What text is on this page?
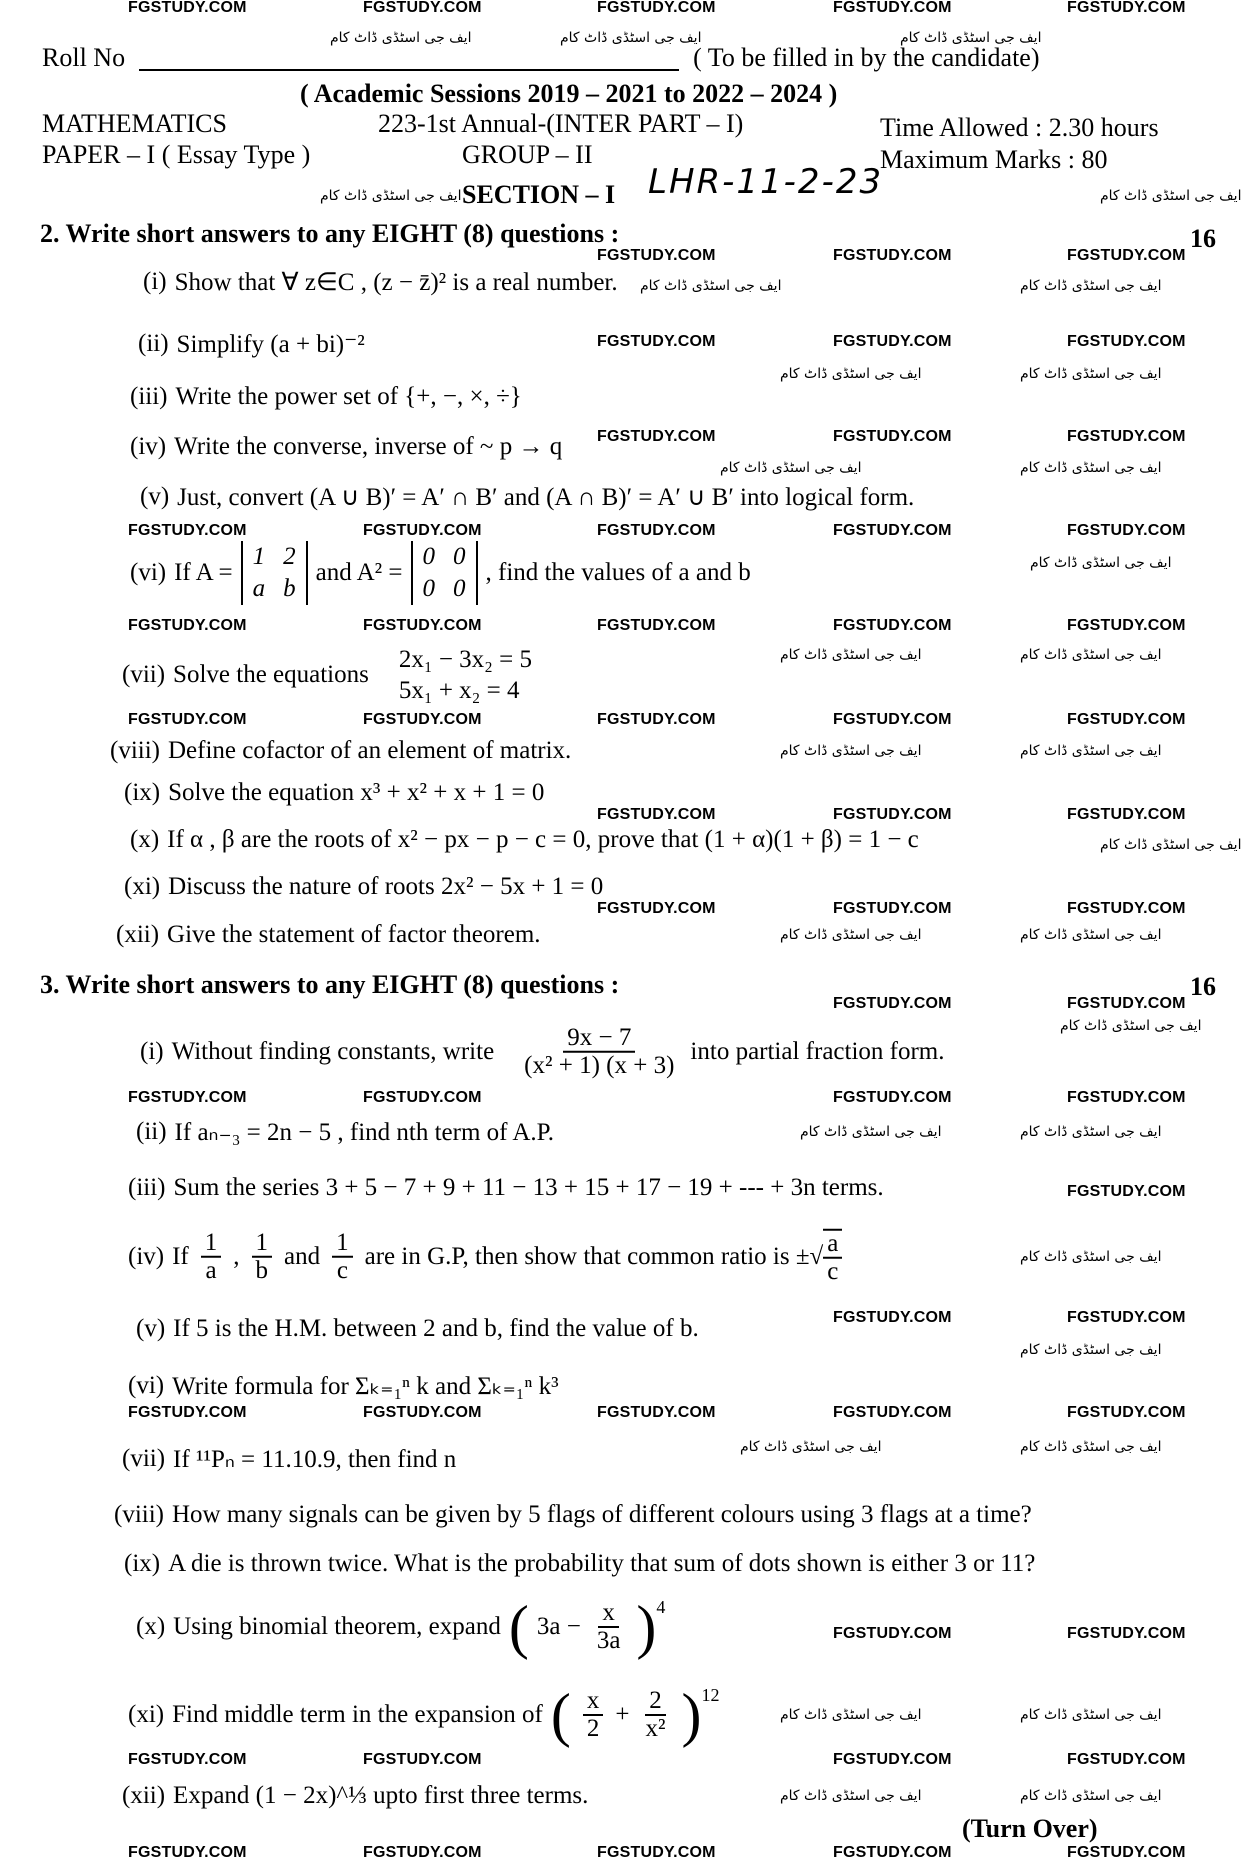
FGSTUDY.COM	FGSTUDY.COM	FGSTUDY.COM	FGSTUDY.COM	FGSTUDY.COM
FGSTUDY.COM	FGSTUDY.COM	FGSTUDY.COM
FGSTUDY.COM	FGSTUDY.COM	FGSTUDY.COM
FGSTUDY.COM	FGSTUDY.COM	FGSTUDY.COM
FGSTUDY.COM	FGSTUDY.COM	FGSTUDY.COM	FGSTUDY.COM	FGSTUDY.COM
FGSTUDY.COM	FGSTUDY.COM	FGSTUDY.COM	FGSTUDY.COM	FGSTUDY.COM
FGSTUDY.COM	FGSTUDY.COM	FGSTUDY.COM	FGSTUDY.COM	FGSTUDY.COM
FGSTUDY.COM	FGSTUDY.COM	FGSTUDY.COM
FGSTUDY.COM	FGSTUDY.COM	FGSTUDY.COM
FGSTUDY.COM	FGSTUDY.COM
FGSTUDY.COM	FGSTUDY.COM	FGSTUDY.COM	FGSTUDY.COM
FGSTUDY.COM
FGSTUDY.COM	FGSTUDY.COM
FGSTUDY.COM	FGSTUDY.COM	FGSTUDY.COM	FGSTUDY.COM	FGSTUDY.COM
FGSTUDY.COM	FGSTUDY.COM
FGSTUDY.COM	FGSTUDY.COM	FGSTUDY.COM	FGSTUDY.COM
FGSTUDY.COM	FGSTUDY.COM	FGSTUDY.COM	FGSTUDY.COM	FGSTUDY.COM
ایف جی اسٹڈی ڈاٹ کام
ایف جی اسٹڈی ڈاٹ کام
ایف جی اسٹڈی ڈاٹ کام
ایف جی اسٹڈی ڈاٹ کام
ایف جی اسٹڈی ڈاٹ کام
ایف جی اسٹڈی ڈاٹ کام	ایف جی اسٹڈی ڈاٹ کام
ایف جی اسٹڈی ڈاٹ کام
ایف جی اسٹڈی ڈاٹ کام
ایف جی اسٹڈی ڈاٹ کام
ایف جی اسٹڈی ڈاٹ کام
ایف جی اسٹڈی ڈاٹ کام
ایف جی اسٹڈی ڈاٹ کام
ایف جی اسٹڈی ڈاٹ کام
ایف جی اسٹڈی ڈاٹ کام
ایف جی اسٹڈی ڈاٹ کام
ایف جی اسٹڈی ڈاٹ کام
ایف جی اسٹڈی ڈاٹ کام
ایف جی اسٹڈی ڈاٹ کام
ایف جی اسٹڈی ڈاٹ کام
ایف جی اسٹڈی ڈاٹ کام
ایف جی اسٹڈی ڈاٹ کام
ایف جی اسٹڈی ڈاٹ کام
ایف جی اسٹڈی ڈاٹ کام
ایف جی اسٹڈی ڈاٹ کام
ایف جی اسٹڈی ڈاٹ کام
ایف جی اسٹڈی ڈاٹ کام
ایف جی اسٹڈی ڈاٹ کام
ایف جی اسٹڈی ڈاٹ کام
ایف جی اسٹڈی ڈاٹ کام
Roll No	( To be filled in by the candidate)
( Academic Sessions 2019 – 2021 to 2022 – 2024 )
MATHEMATICS	223-1st Annual-(INTER PART – I)	Time Allowed : 2.30 hours
PAPER – I ( Essay Type )	GROUP – II	Maximum Marks : 80
SECTION – I LHR-11-2-23
2. Write short answers to any EIGHT (8) questions :	16
(i) Show that ∀ z∈C , (z − z̄)² is a real number.
(ii) Simplify (a + bi)⁻²
(iii) Write the power set of {+, −, ×, ÷}
(iv) Write the converse, inverse of ~ p → q
(v) Just, convert (A ∪ B)′ = A′ ∩ B′ and (A ∩ B)′ = A′ ∪ B′ into logical form.
(vi) If A =
1 2
a b
and A² =
0 0
0 0
, find the values of a and b
(vii) Solve the equations
2x₁ − 3x₂ = 5
5x₁ + x₂ = 4
(viii) Define cofactor of an element of matrix.
(ix) Solve the equation x³ + x² + x + 1 = 0
(x) If α , β are the roots of x² − px − p − c = 0, prove that (1 + α)(1 + β) = 1 − c
(xi) Discuss the nature of roots 2x² − 5x + 1 = 0
(xii) Give the statement of factor theorem.
3. Write short answers to any EIGHT (8) questions :	16
(i) Without finding constants, write $\frac{9x - 7}{\text{(x² + 1) (x + 3)}}$ into partial fraction form.
(ii) If aₙ₋₃ = 2n − 5 , find nth term of A.P.
(iii) Sum the series 3 + 5 − 7 + 9 + 11 − 13 + 15 + 17 − 19 + --- + 3n terms.
(iv) If $\frac{1}{a}$ , $\frac{1}{b}$ and $\frac{1}{c}$ are in G.P, then show that common ratio is ±√ $\frac{a}{c}$
(v) If 5 is the H.M. between 2 and b, find the value of b.
(vi) Write formula for Σₖ₌₁ⁿ k and Σₖ₌₁ⁿ k³
(vii) If ¹¹Pₙ = 11.10.9, then find n
(viii) How many signals can be given by 5 flags of different colours using 3 flags at a time?
(ix) A die is thrown twice. What is the probability that sum of dots shown is either 3 or 11?
(x) Using binomial theorem, expand ( $3a - \frac{x}{3a}$ ) 4
(xi) Find middle term in the expansion of ( $\frac{x}{2} + \frac{2}{\text{x²}}$ ) 12
(xii) Expand (1 − 2x)^⅓ upto first three terms.
(Turn Over)
